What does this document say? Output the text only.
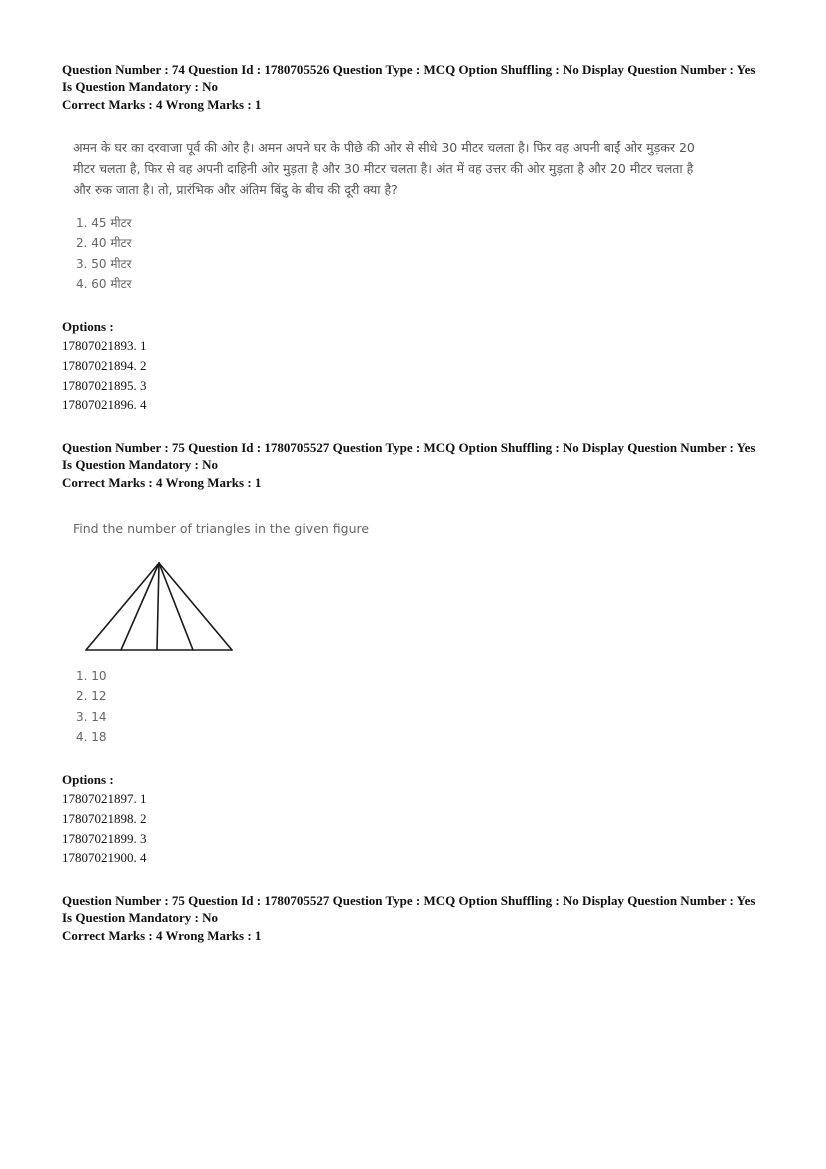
Question Number : 74 Question Id : 1780705526 Question Type : MCQ Option Shuffling : No Display Question Number : Yes
Is Question Mandatory : No
Correct Marks : 4 Wrong Marks : 1
अमन के घर का दरवाजा पूर्व की ओर है। अमन अपने घर के पीछे की ओर से सीधे 30 मीटर चलता है। फिर वह अपनी बाईं ओर मुड़कर 20
मीटर चलता है, फिर से वह अपनी दाहिनी ओर मुड़ता है और 30 मीटर चलता है। अंत में वह उत्तर की ओर मुड़ता है और 20 मीटर चलता है
और रुक जाता है। तो, प्रारंभिक और अंतिम बिंदु के बीच की दूरी क्या है?
1. 45 मीटर
2. 40 मीटर
3. 50 मीटर
4. 60 मीटर
Options :
17807021893. 1
17807021894. 2
17807021895. 3
17807021896. 4
Question Number : 75 Question Id : 1780705527 Question Type : MCQ Option Shuffling : No Display Question Number : Yes
Is Question Mandatory : No
Correct Marks : 4 Wrong Marks : 1
Find the number of triangles in the given figure
1. 10
2. 12
3. 14
4. 18
Options :
17807021897. 1
17807021898. 2
17807021899. 3
17807021900. 4
Question Number : 75 Question Id : 1780705527 Question Type : MCQ Option Shuffling : No Display Question Number : Yes
Is Question Mandatory : No
Correct Marks : 4 Wrong Marks : 1
